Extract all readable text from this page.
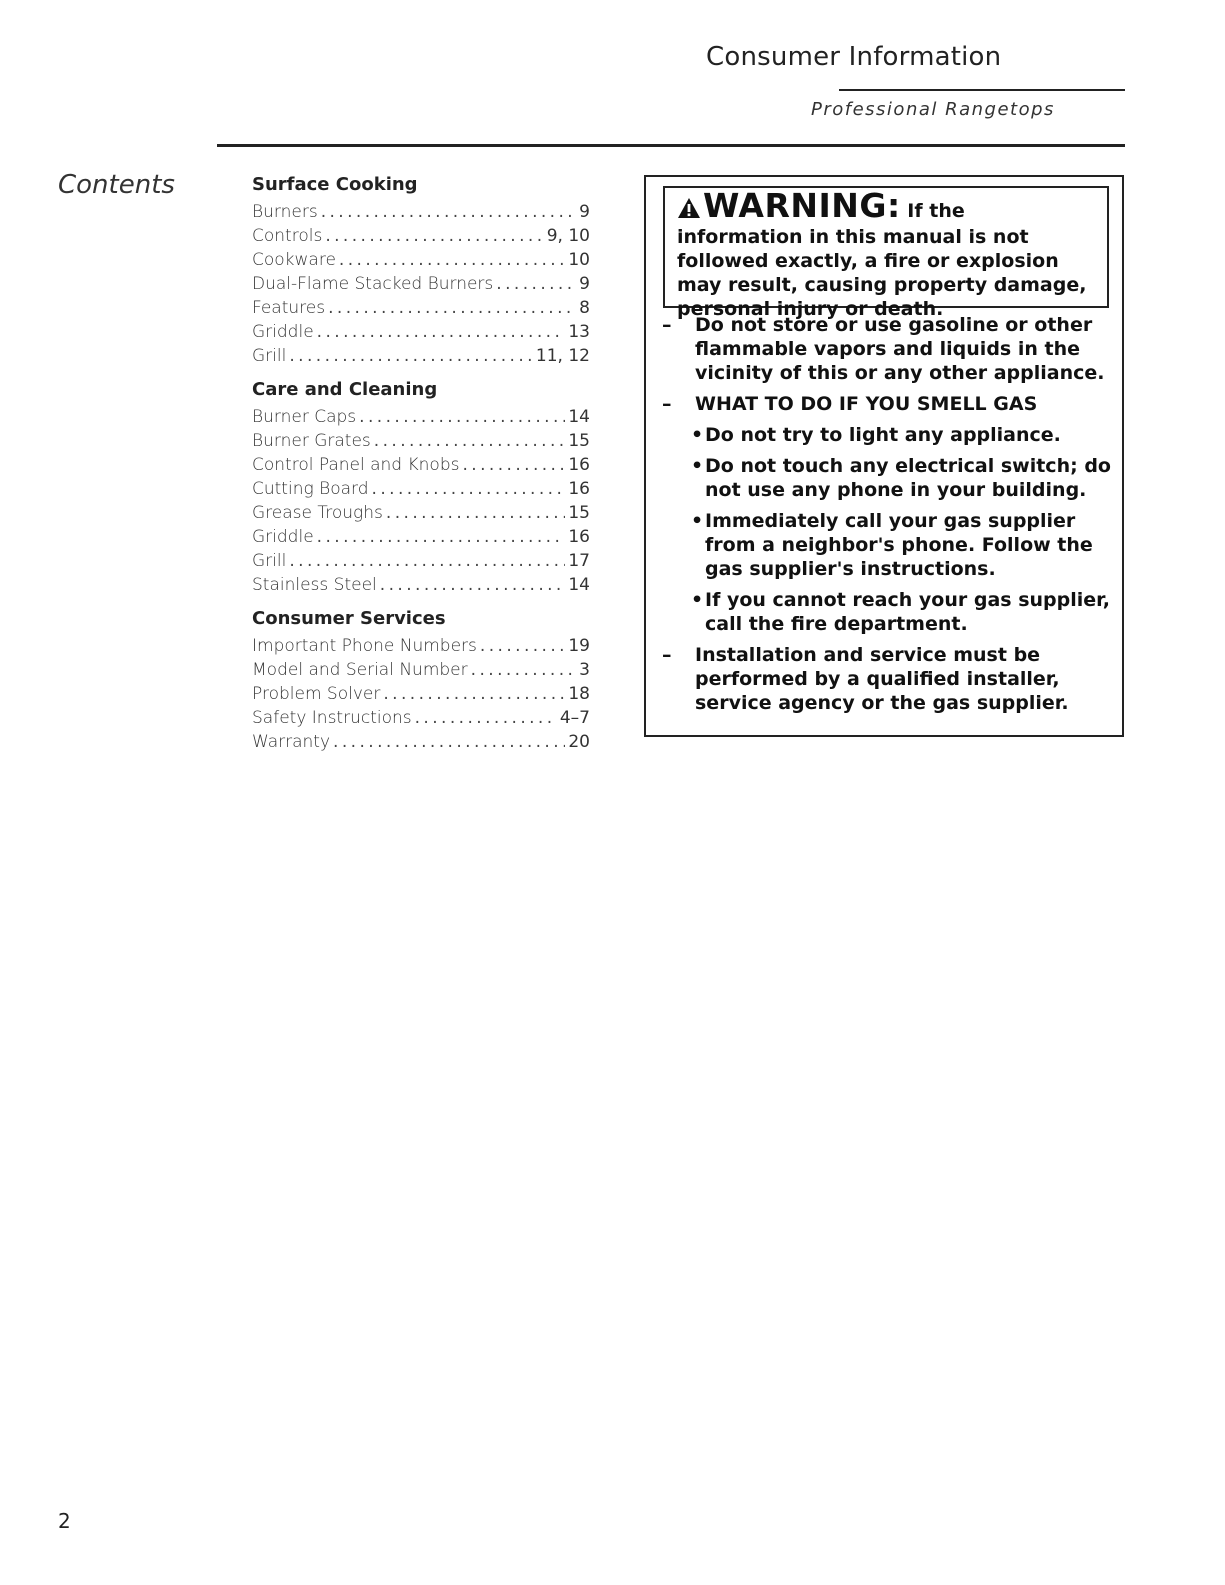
Consumer Information
Professional Rangetops
Contents	Surface Cooking
Burners . . .	9
Controls . . .	9, 10
Cookware . . .	10
Dual-Flame Stacked Burners . . .	9
Features . . .	8
Griddle . . .	13
Grill . . .	11, 12
Care and Cleaning
Burner Caps . . .	14
Burner Grates . . .	15
Control Panel and Knobs . . .	16
Cutting Board . . .	16
Grease Troughs . . .	15
Griddle . . .	16
Grill . . .	17
Stainless Steel . . .	14
Consumer Services
Important Phone Numbers . . .	19
Model and Serial Number . . .	3
Problem Solver . . .	18
Safety Instructions . . .	4–7
Warranty . . .	20
WARNING: If the information in this manual is not followed exactly, a fire or explosion may result, causing property damage, personal injury or death.
– Do not store or use gasoline or other flammable vapors and liquids in the vicinity of this or any other appliance.
– WHAT TO DO IF YOU SMELL GAS
• Do not try to light any appliance.
• Do not touch any electrical switch; do not use any phone in your building.
• Immediately call your gas supplier from a neighbor's phone. Follow the gas supplier's instructions.
• If you cannot reach your gas supplier, call the fire department.
– Installation and service must be performed by a qualified installer, service agency or the gas supplier.
2
